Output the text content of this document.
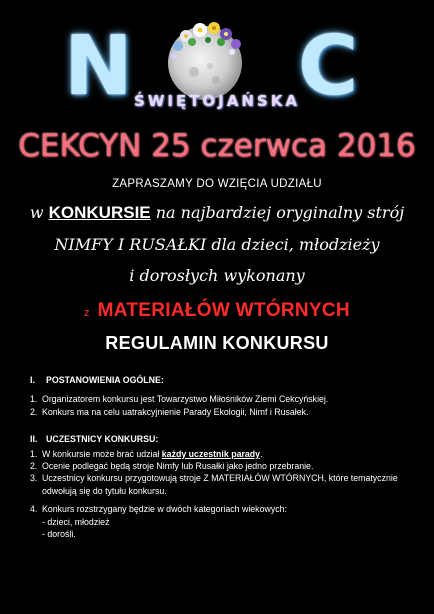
N C
ŚWIĘTOJAŃSKA
CEKCYN 25 czerwca 2016
ZAPRASZAMY DO WZIĘCIA UDZIAŁU
w KONKURSIE na najbardziej oryginalny strój
NIMFY I RUSAŁKI dla dzieci, młodzieży
i dorosłych wykonany
z MATERIAŁÓW WTÓRNYCH
REGULAMIN KONKURSU
I.	POSTANOWIENIA OGÓLNE:
1. Organizatorem konkursu jest Towarzystwo Miłośników Ziemi Cekcyńskiej.
2. Konkurs ma na celu uatrakcyjnienie Parady Ekologii, Nimf i Rusałek.
II. UCZESTNICY KONKURSU:
1. W konkursie może brać udział każdy uczestnik parady.
2. Ocenie podlegać będą stroje Nimfy lub Rusałki jako jedno przebranie.
3. Uczestnicy konkursu przygotowują stroje Z MATERIAŁÓW WTÓRNYCH, które tematycznie odwołują się do tytułu konkursu.
4. Konkurs rozstrzygany będzie w dwóch kategoriach wiekowych:
- dzieci, młodzież
- dorośli.
